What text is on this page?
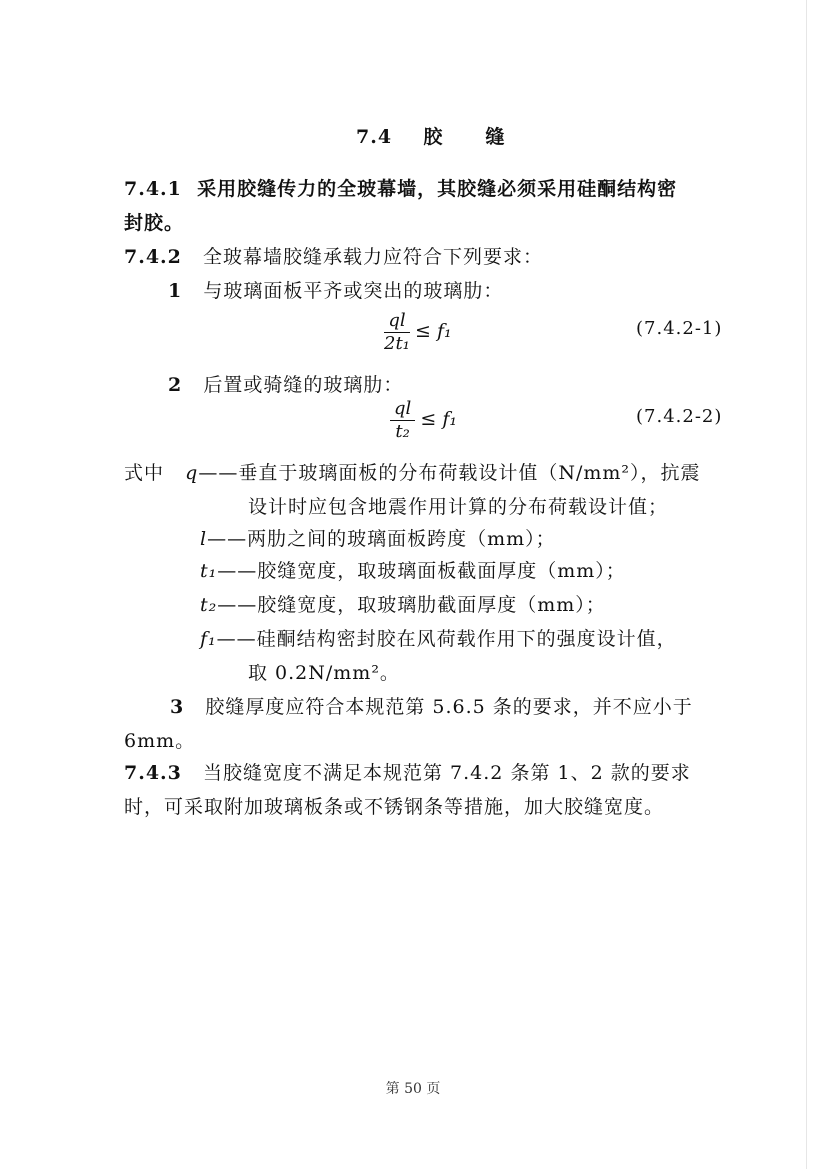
7.4 胶 缝
7.4.1 采用胶缝传力的全玻幕墙，其胶缝必须采用硅酮结构密
封胶。
7.4.2 全玻幕墙胶缝承载力应符合下列要求：
1 与玻璃面板平齐或突出的玻璃肋：
$\frac{ql}{\text{2t₁}} \le f_1$	(7.4.2-1)
2 后置或骑缝的玻璃肋：
$\frac{ql}{\text{t₂}} \le f_1$	(7.4.2-2)
式中 q——垂直于玻璃面板的分布荷载设计值（N/mm²），抗震
设计时应包含地震作用计算的分布荷载设计值；
l——两肋之间的玻璃面板跨度（mm）；
t₁——胶缝宽度，取玻璃面板截面厚度（mm）；
t₂——胶缝宽度，取玻璃肋截面厚度（mm）；
f₁——硅酮结构密封胶在风荷载作用下的强度设计值，
取 0.2N/mm²。
3 胶缝厚度应符合本规范第 5.6.5 条的要求，并不应小于
6mm。
7.4.3 当胶缝宽度不满足本规范第 7.4.2 条第 1、2 款的要求
时，可采取附加玻璃板条或不锈钢条等措施，加大胶缝宽度。
第 50 页
